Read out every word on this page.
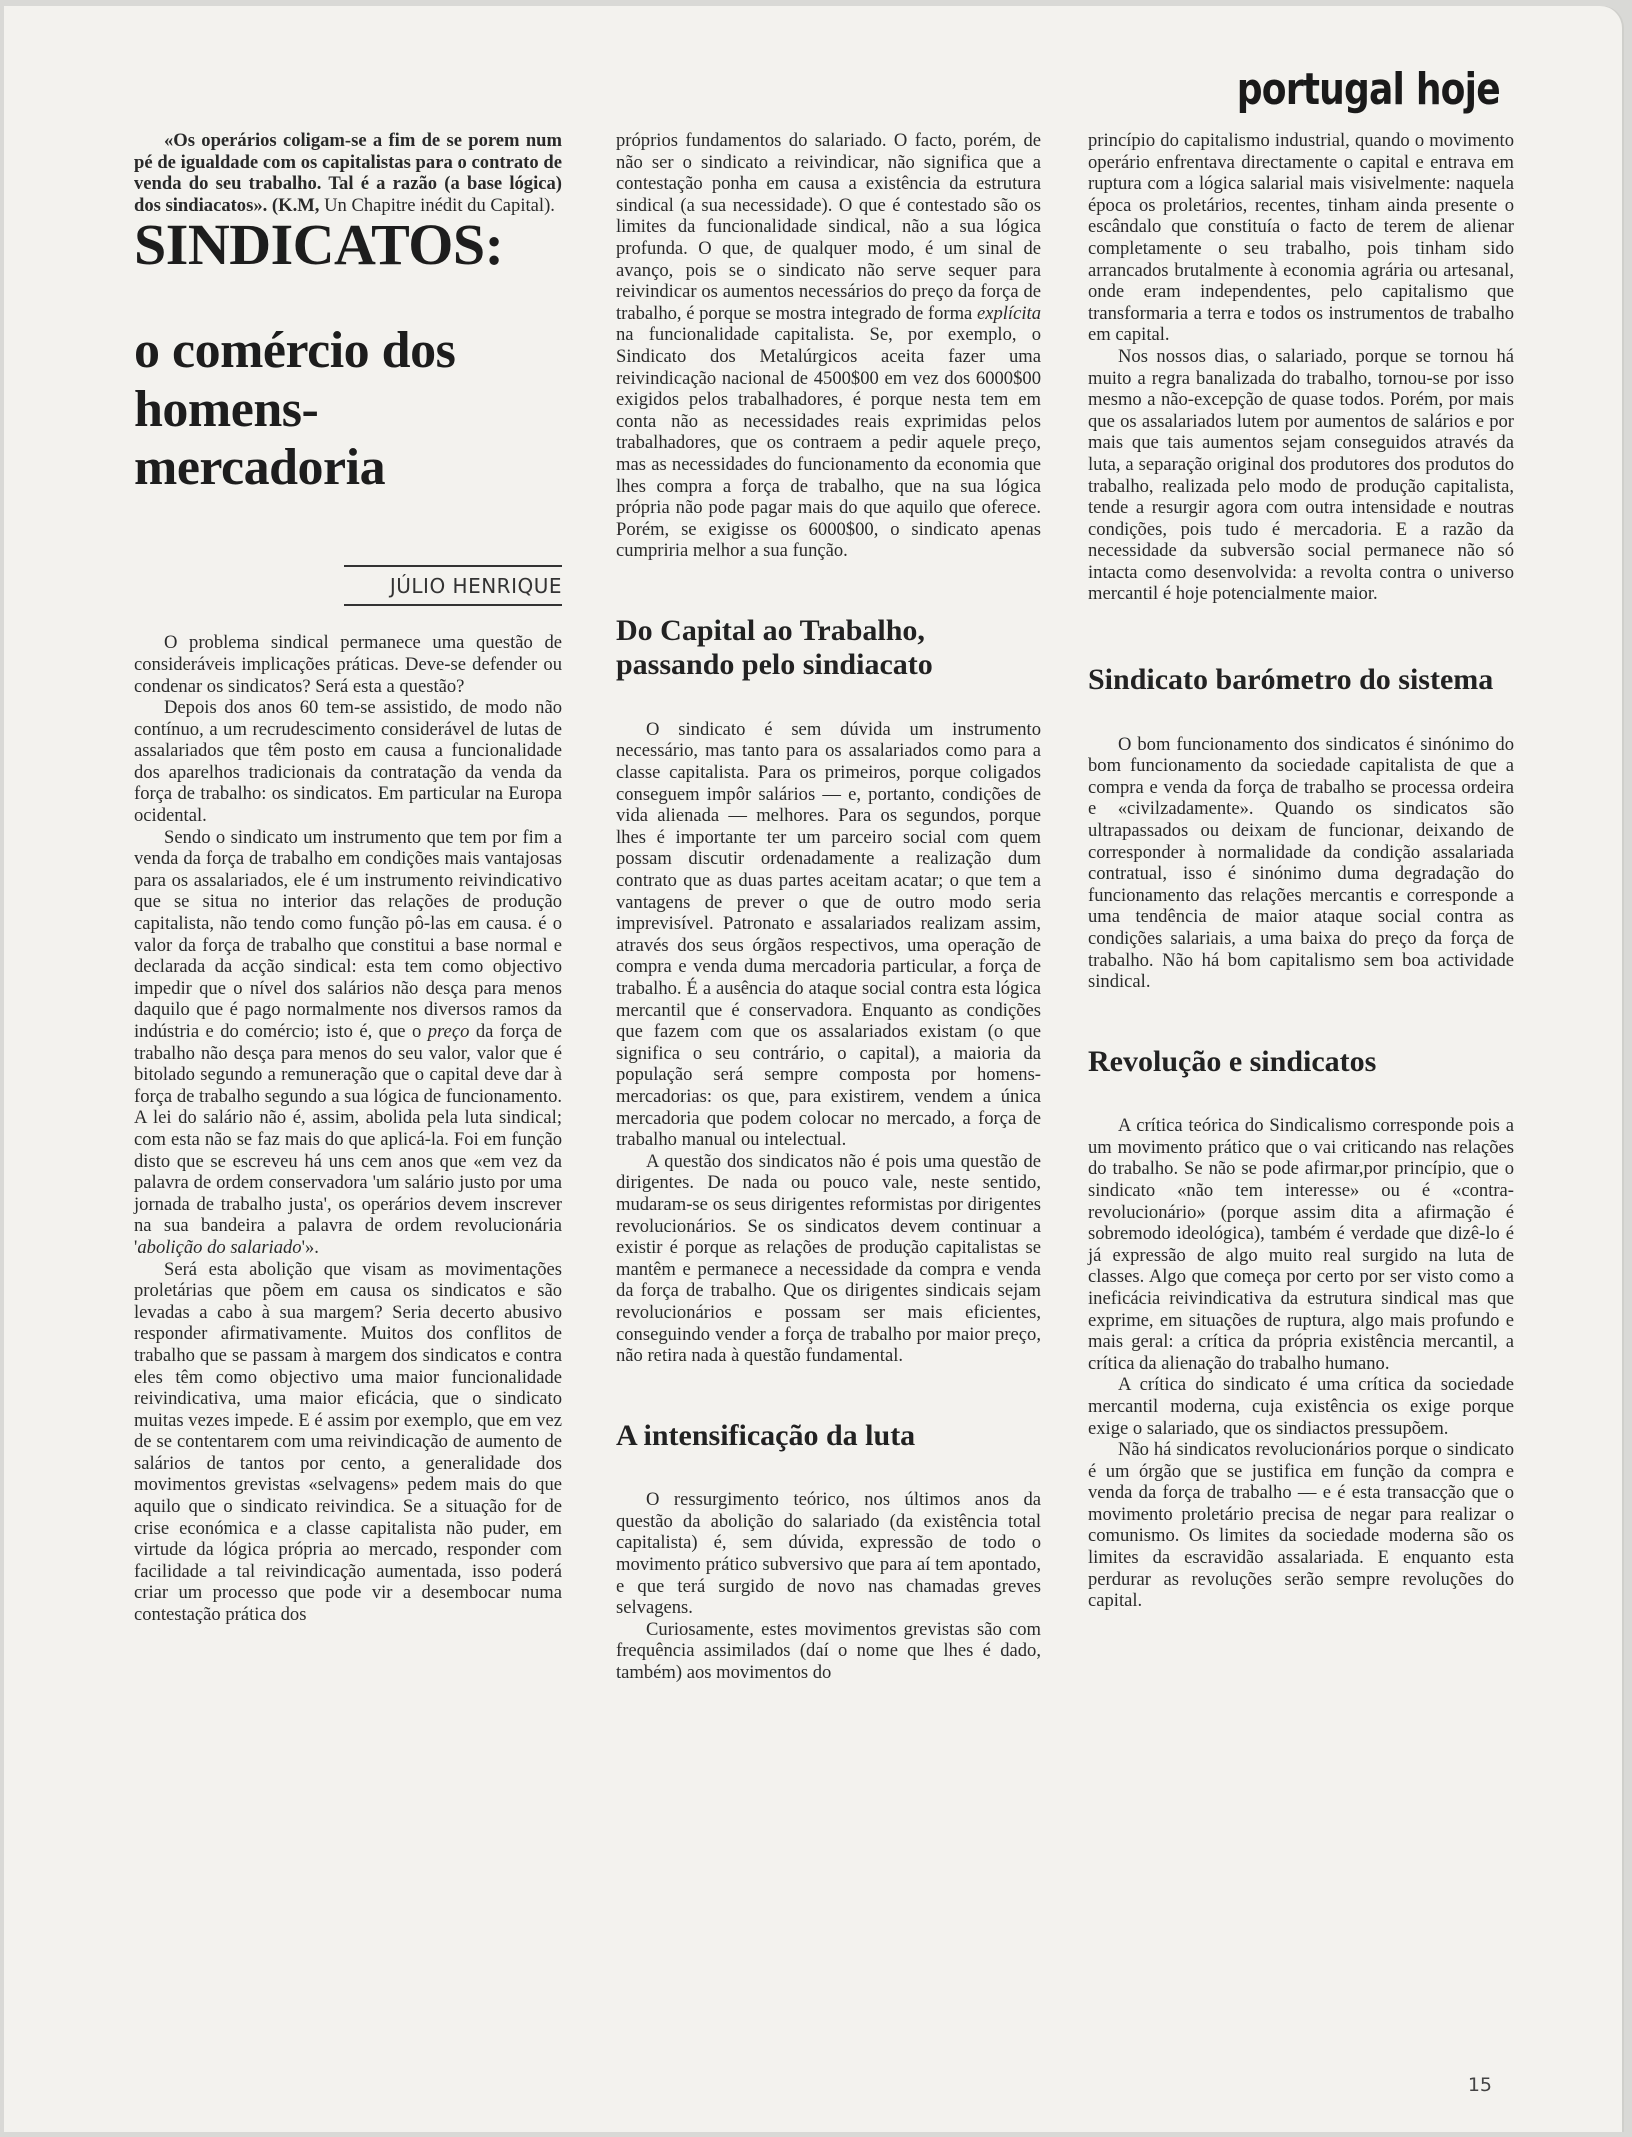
portugal hoje

«Os operários coligam-se a fim de se porem num pé de igualdade com os capitalistas para o contrato de venda do seu trabalho. Tal é a razão (a base lógica) dos sindiacatos». (K.M, Un Chapitre inédit du Capital).

SINDICATOS:
o comércio dos homens-mercadoria
JÚLIO HENRIQUE

O problema sindical permanece uma questão de consideráveis implicações práticas. Deve-se defender ou condenar os sindicatos? Será esta a questão?

Depois dos anos 60 tem-se assistido, de modo não contínuo, a um recrudescimento considerável de lutas de assalariados que têm posto em causa a funcionalidade dos aparelhos tradicionais da contratação da venda da força de trabalho: os sindicatos. Em particular na Europa ocidental.

Sendo o sindicato um instrumento que tem por fim a venda da força de trabalho em condições mais vantajosas para os assalariados, ele é um instrumento reivindicativo que se situa no interior das relações de produção capitalista, não tendo como função pô-las em causa. é o valor da força de trabalho que constitui a base normal e declarada da acção sindical: esta tem como objectivo impedir que o nível dos salários não desça para menos daquilo que é pago normalmente nos diversos ramos da indústria e do comércio; isto é, que o preço da força de trabalho não desça para menos do seu valor, valor que é bitolado segundo a remuneração que o capital deve dar à força de trabalho segundo a sua lógica de funcionamento. A lei do salário não é, assim, abolida pela luta sindical; com esta não se faz mais do que aplicá-la. Foi em função disto que se escreveu há uns cem anos que «em vez da palavra de ordem conservadora 'um salário justo por uma jornada de trabalho justa', os operários devem inscrever na sua bandeira a palavra de ordem revolucionária 'abolição do salariado'».

Será esta abolição que visam as movimentações proletárias que põem em causa os sindicatos e são levadas a cabo à sua margem? Seria decerto abusivo responder afirmativamente. Muitos dos conflitos de trabalho que se passam à margem dos sindicatos e contra eles têm como objectivo uma maior funcionalidade reivindicativa, uma maior eficácia, que o sindicato muitas vezes impede. E é assim por exemplo, que em vez de se contentarem com uma reivindicação de aumento de salários de tantos por cento, a generalidade dos movimentos grevistas «selvagens» pedem mais do que aquilo que o sindicato reivindica. Se a situação for de crise económica e a classe capitalista não puder, em virtude da lógica própria ao mercado, responder com facilidade a tal reivindicação aumentada, isso poderá criar um processo que pode vir a desembocar numa contestação prática dos

próprios fundamentos do salariado. O facto, porém, de não ser o sindicato a reivindicar, não significa que a contestação ponha em causa a existência da estrutura sindical (a sua necessidade). O que é contestado são os limites da funcionalidade sindical, não a sua lógica profunda. O que, de qualquer modo, é um sinal de avanço, pois se o sindicato não serve sequer para reivindicar os aumentos necessários do preço da força de trabalho, é porque se mostra integrado de forma explícita na funcionalidade capitalista. Se, por exemplo, o Sindicato dos Metalúrgicos aceita fazer uma reivindicação nacional de 4500$00 em vez dos 6000$00 exigidos pelos trabalhadores, é porque nesta tem em conta não as necessidades reais exprimidas pelos trabalhadores, que os contraem a pedir aquele preço, mas as necessidades do funcionamento da economia que lhes compra a força de trabalho, que na sua lógica própria não pode pagar mais do que aquilo que oferece. Porém, se exigisse os 6000$00, o sindicato apenas cumpriria melhor a sua função.

Do Capital ao Trabalho, passando pelo sindiacato

O sindicato é sem dúvida um instrumento necessário, mas tanto para os assalariados como para a classe capitalista. Para os primeiros, porque coligados conseguem impôr salários — e, portanto, condições de vida alienada — melhores. Para os segundos, porque lhes é importante ter um parceiro social com quem possam discutir ordenadamente a realização dum contrato que as duas partes aceitam acatar; o que tem a vantagens de prever o que de outro modo seria imprevisível. Patronato e assalariados realizam assim, através dos seus órgãos respectivos, uma operação de compra e venda duma mercadoria particular, a força de trabalho. É a ausência do ataque social contra esta lógica mercantil que é conservadora. Enquanto as condições que fazem com que os assalariados existam (o que significa o seu contrário, o capital), a maioria da população será sempre composta por homens-mercadorias: os que, para existirem, vendem a única mercadoria que podem colocar no mercado, a força de trabalho manual ou intelectual.

A questão dos sindicatos não é pois uma questão de dirigentes. De nada ou pouco vale, neste sentido, mudaram-se os seus dirigentes reformistas por dirigentes revolucionários. Se os sindicatos devem continuar a existir é porque as relações de produção capitalistas se mantêm e permanece a necessidade da compra e venda da força de trabalho. Que os dirigentes sindicais sejam revolucionários e possam ser mais eficientes, conseguindo vender a força de trabalho por maior preço, não retira nada à questão fundamental.

A intensificação da luta

O ressurgimento teórico, nos últimos anos da questão da abolição do salariado (da existência total capitalista) é, sem dúvida, expressão de todo o movimento prático subversivo que para aí tem apontado, e que terá surgido de novo nas chamadas greves selvagens.

Curiosamente, estes movimentos grevistas são com frequência assimilados (daí o nome que lhes é dado, também) aos movimentos do

princípio do capitalismo industrial, quando o movimento operário enfrentava directamente o capital e entrava em ruptura com a lógica salarial mais visivelmente: naquela época os proletários, recentes, tinham ainda presente o escândalo que constituía o facto de terem de alienar completamente o seu trabalho, pois tinham sido arrancados brutalmente à economia agrária ou artesanal, onde eram independentes, pelo capitalismo que transformaria a terra e todos os instrumentos de trabalho em capital.

Nos nossos dias, o salariado, porque se tornou há muito a regra banalizada do trabalho, tornou-se por isso mesmo a não-excepção de quase todos. Porém, por mais que os assalariados lutem por aumentos de salários e por mais que tais aumentos sejam conseguidos através da luta, a separação original dos produtores dos produtos do trabalho, realizada pelo modo de produção capitalista, tende a resurgir agora com outra intensidade e noutras condições, pois tudo é mercadoria. E a razão da necessidade da subversão social permanece não só intacta como desenvolvida: a revolta contra o universo mercantil é hoje potencialmente maior.

Sindicato barómetro do sistema

O bom funcionamento dos sindicatos é sinónimo do bom funcionamento da sociedade capitalista de que a compra e venda da força de trabalho se processa ordeira e «civilzadamente». Quando os sindicatos são ultrapassados ou deixam de funcionar, deixando de corresponder à normalidade da condição assalariada contratual, isso é sinónimo duma degradação do funcionamento das relações mercantis e corresponde a uma tendência de maior ataque social contra as condições salariais, a uma baixa do preço da força de trabalho. Não há bom capitalismo sem boa actividade sindical.

Revolução e sindicatos

A crítica teórica do Sindicalismo corresponde pois a um movimento prático que o vai criticando nas relações do trabalho. Se não se pode afirmar,por princípio, que o sindicato «não tem interesse» ou é «contra-revolucionário» (porque assim dita a afirmação é sobremodo ideológica), também é verdade que dizê-lo é já expressão de algo muito real surgido na luta de classes. Algo que começa por certo por ser visto como a ineficácia reivindicativa da estrutura sindical mas que exprime, em situações de ruptura, algo mais profundo e mais geral: a crítica da própria existência mercantil, a crítica da alienação do trabalho humano.

A crítica do sindicato é uma crítica da sociedade mercantil moderna, cuja existência os exige porque exige o salariado, que os sindiactos pressupõem.

Não há sindicatos revolucionários porque o sindicato é um órgão que se justifica em função da compra e venda da força de trabalho — e é esta transacção que o movimento proletário precisa de negar para realizar o comunismo. Os limites da sociedade moderna são os limites da escravidão assalariada. E enquanto esta perdurar as revoluções serão sempre revoluções do capital.

15
